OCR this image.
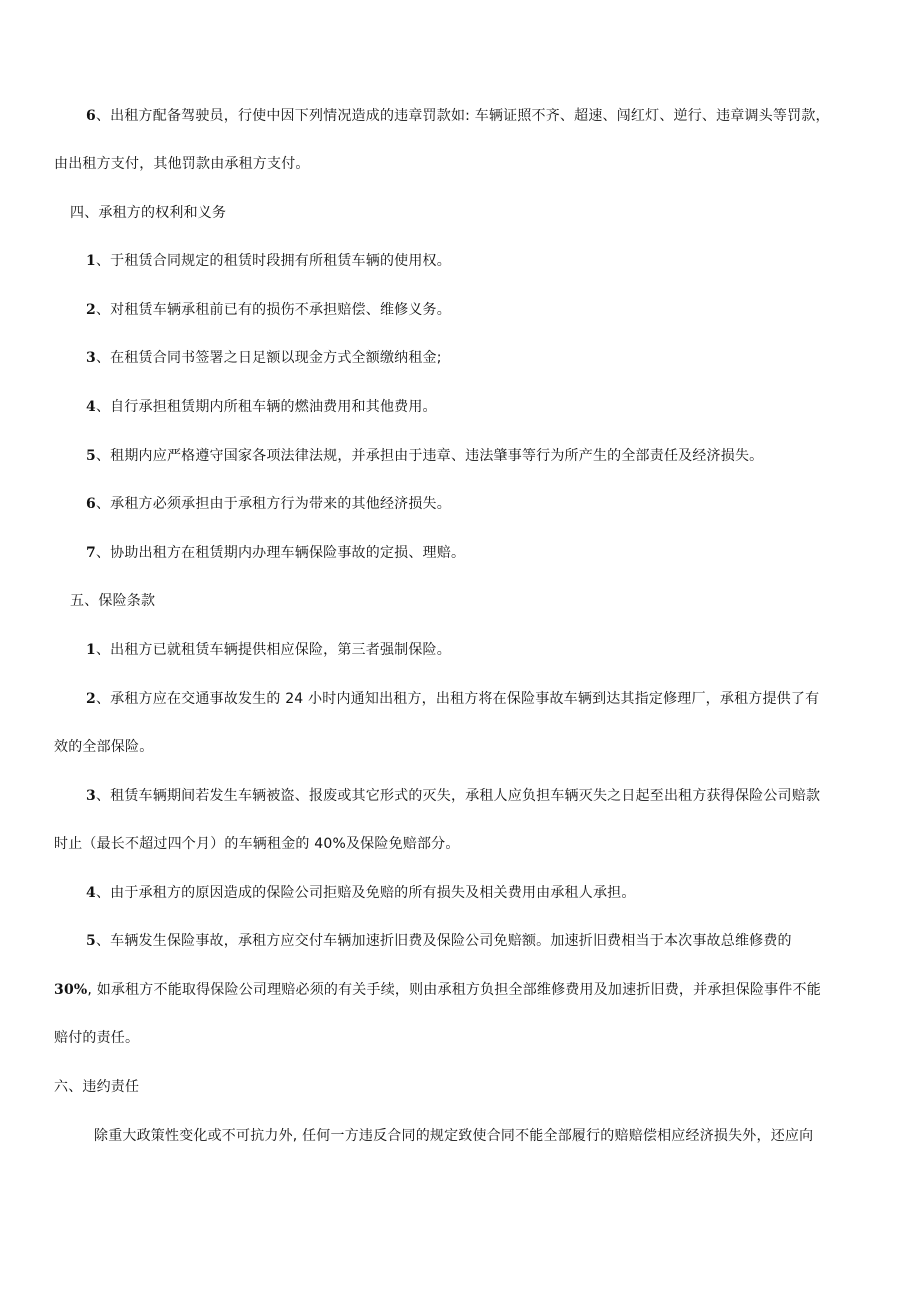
6、出租方配备驾驶员，行使中因下列情况造成的违章罚款如: 车辆证照不齐、超速、闯红灯、逆行、违章调头等罚款，
由出租方支付，其他罚款由承租方支付。
四、承租方的权利和义务
1、于租赁合同规定的租赁时段拥有所租赁车辆的使用权。
2、对租赁车辆承租前已有的损伤不承担赔偿、维修义务。
3、在租赁合同书签署之日足额以现金方式全额缴纳租金;
4、自行承担租赁期内所租车辆的燃油费用和其他费用。
5、租期内应严格遵守国家各项法律法规，并承担由于违章、违法肇事等行为所产生的全部责任及经济损失。
6、承租方必须承担由于承租方行为带来的其他经济损失。
7、协助出租方在租赁期内办理车辆保险事故的定损、理赔。
五、保险条款
1、出租方已就租赁车辆提供相应保险，第三者强制保险。
2、承租方应在交通事故发生的 24 小时内通知出租方，出租方将在保险事故车辆到达其指定修理厂，承租方提供了有
效的全部保险。
3、租赁车辆期间若发生车辆被盗、报废或其它形式的灭失，承租人应负担车辆灭失之日起至出租方获得保险公司赔款
时止（最长不超过四个月）的车辆租金的 40%及保险免赔部分。
4、由于承租方的原因造成的保险公司拒赔及免赔的所有损失及相关费用由承租人承担。
5、车辆发生保险事故，承租方应交付车辆加速折旧费及保险公司免赔额。加速折旧费相当于本次事故总维修费的
30%, 如承租方不能取得保险公司理赔必须的有关手续，则由承租方负担全部维修费用及加速折旧费，并承担保险事件不能
赔付的责任。
六、违约责任
除重大政策性变化或不可抗力外, 任何一方违反合同的规定致使合同不能全部履行的赔赔偿相应经济损失外，还应向
